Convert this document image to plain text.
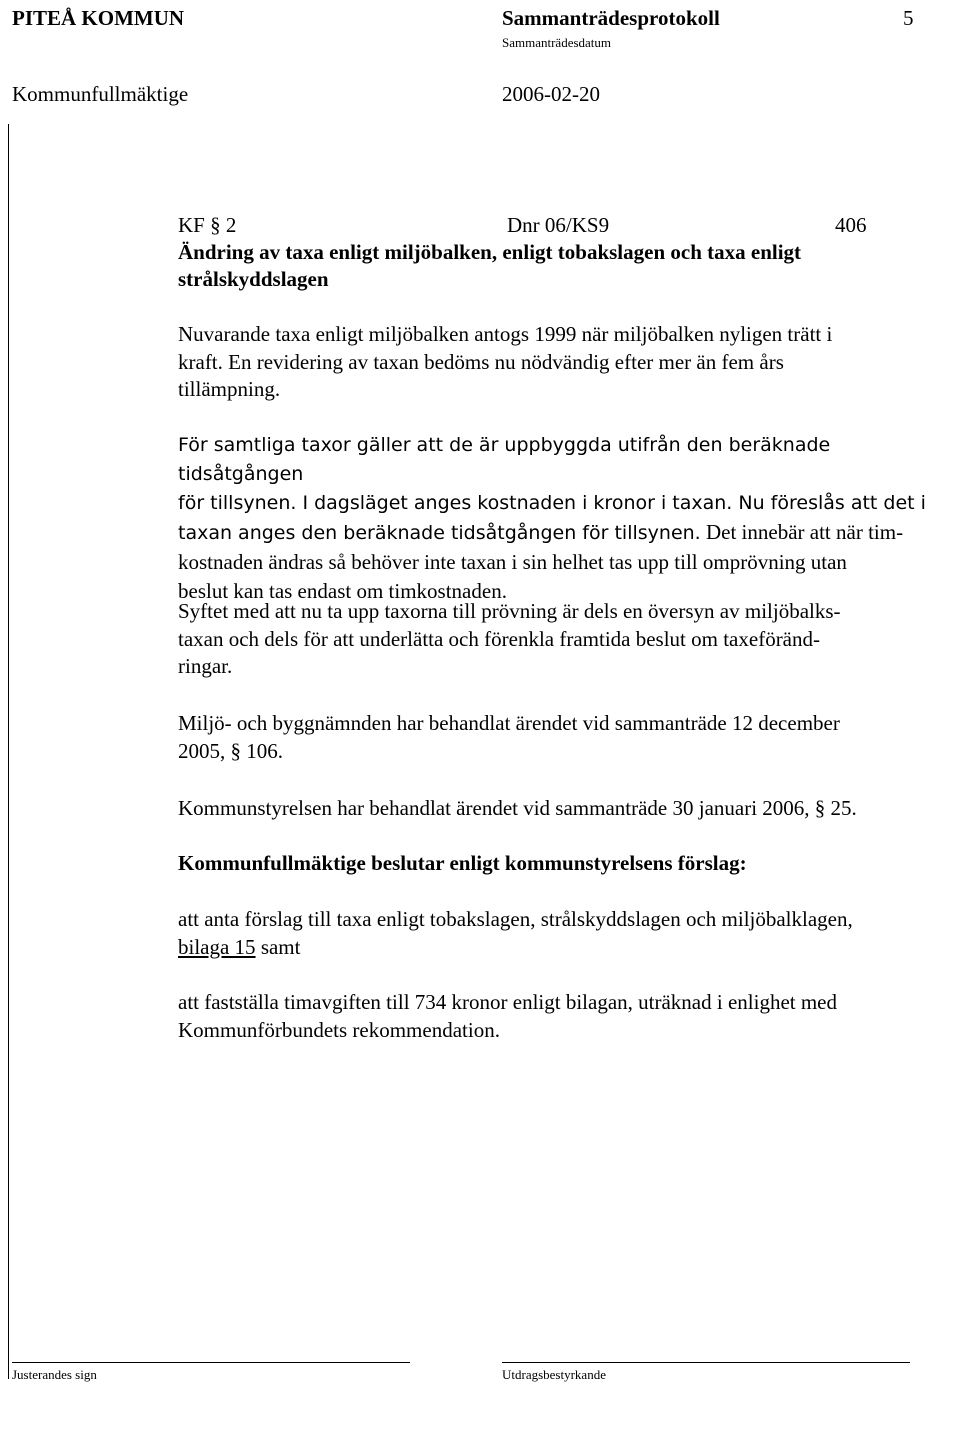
PITEÅ KOMMUN	Sammanträdesprotokoll	5
Sammanträdesdatum
Kommunfullmäktige	2006-02-20
KF § 2	Dnr 06/KS9	406
Ändring av taxa enligt miljöbalken, enligt tobakslagen och taxa enligt
strålskyddslagen
Nuvarande taxa enligt miljöbalken antogs 1999 när miljöbalken nyligen trätt i
kraft. En revidering av taxan bedöms nu nödvändig efter mer än fem års
tillämpning.
För samtliga taxor gäller att de är uppbyggda utifrån den beräknade tidsåtgången
för tillsynen. I dagsläget anges kostnaden i kronor i taxan. Nu föreslås att det i
taxan anges den beräknade tidsåtgången för tillsynen. Det innebär att när tim-
kostnaden ändras så behöver inte taxan i sin helhet tas upp till omprövning utan
beslut kan tas endast om timkostnaden.
Syftet med att nu ta upp taxorna till prövning är dels en översyn av miljöbalks-
taxan och dels för att underlätta och förenkla framtida beslut om taxeföränd-
ringar.
Miljö- och byggnämnden har behandlat ärendet vid sammanträde 12 december
2005, § 106.
Kommunstyrelsen har behandlat ärendet vid sammanträde 30 januari 2006, § 25.
Kommunfullmäktige beslutar enligt kommunstyrelsens förslag:
att anta förslag till taxa enligt tobakslagen, strålskyddslagen och miljöbalklagen,
bilaga 15 samt
att fastställa timavgiften till 734 kronor enligt bilagan, uträknad i enlighet med
Kommunförbundets rekommendation.
Justerandes sign	Utdragsbestyrkande
